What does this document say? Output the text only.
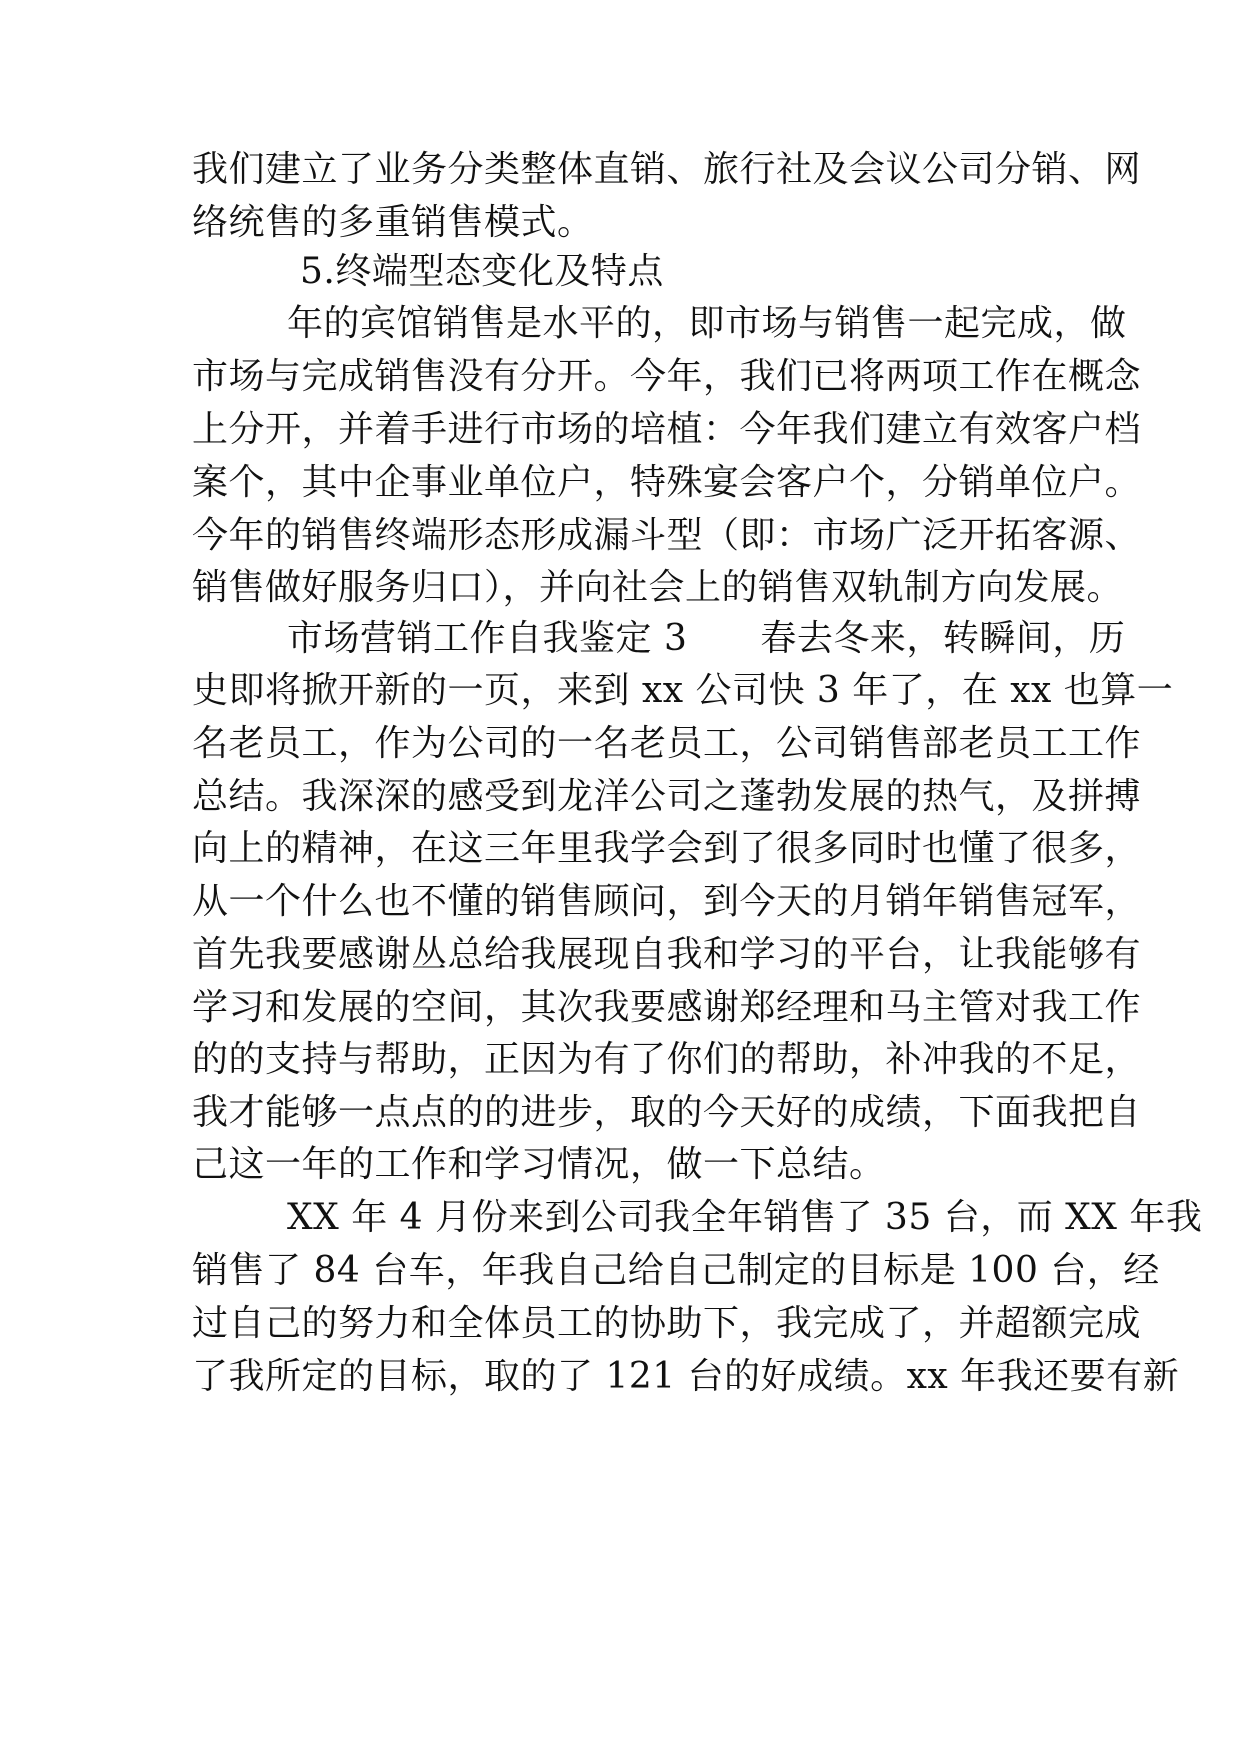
我们建立了业务分类整体直销、旅行社及会议公司分销、网
络统售的多重销售模式。
5.终端型态变化及特点
年的宾馆销售是水平的，即市场与销售一起完成，做
市场与完成销售没有分开。今年，我们已将两项工作在概念
上分开，并着手进行市场的培植：今年我们建立有效客户档
案个，其中企事业单位户，特殊宴会客户个，分销单位户。
今年的销售终端形态形成漏斗型（即：市场广泛开拓客源、
销售做好服务归口），并向社会上的销售双轨制方向发展。
市场营销工作自我鉴定 3　　春去冬来，转瞬间，历
史即将掀开新的一页，来到 xx 公司快 3 年了，在 xx 也算一
名老员工，作为公司的一名老员工，公司销售部老员工工作
总结。我深深的感受到龙洋公司之蓬勃发展的热气，及拼搏
向上的精神，在这三年里我学会到了很多同时也懂了很多，
从一个什么也不懂的销售顾问，到今天的月销年销售冠军，
首先我要感谢丛总给我展现自我和学习的平台，让我能够有
学习和发展的空间，其次我要感谢郑经理和马主管对我工作
的的支持与帮助，正因为有了你们的帮助，补冲我的不足，
我才能够一点点的的进步，取的今天好的成绩，下面我把自
己这一年的工作和学习情况，做一下总结。
XX 年 4 月份来到公司我全年销售了 35 台，而 XX 年我
销售了 84 台车，年我自己给自己制定的目标是 100 台，经
过自己的努力和全体员工的协助下，我完成了，并超额完成
了我所定的目标，取的了 121 台的好成绩。xx 年我还要有新
